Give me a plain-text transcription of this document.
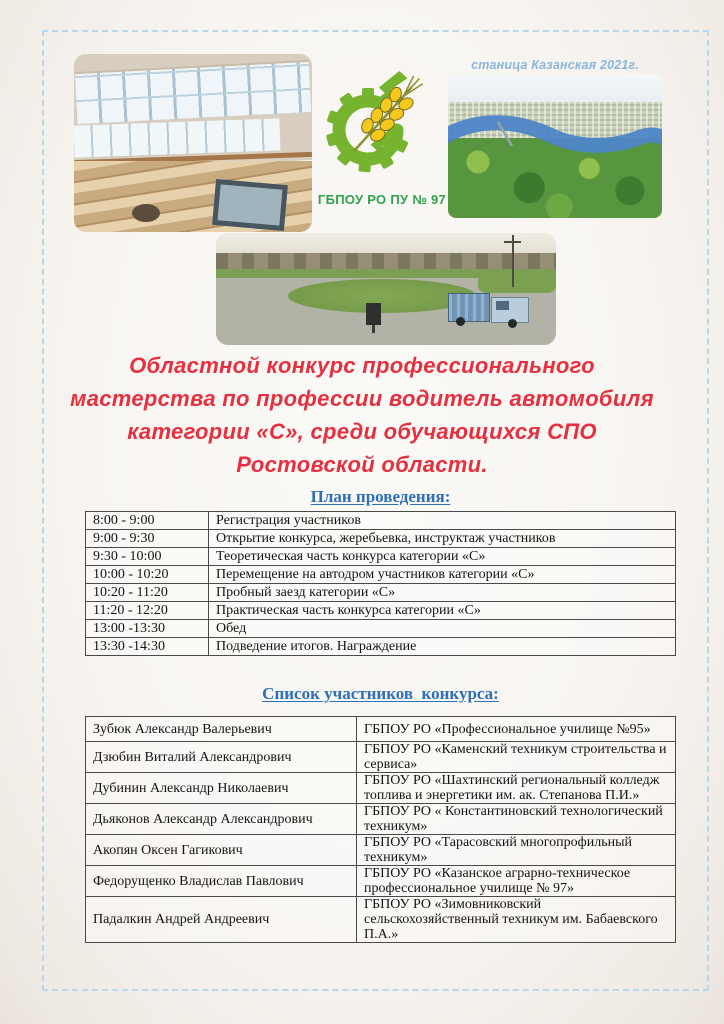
ГБПОУ РО ПУ № 97
станица Казанская 2021г.
Областной конкурс профессионального
мастерства по профессии водитель автомобиля
категории «С», среди обучающихся СПО
Ростовской области.
План проведения:
8:00 - 9:00	Регистрация участников
9:00 - 9:30	Открытие конкурса, жеребьевка, инструктаж участников
9:30 - 10:00	Теоретическая часть конкурса категории «С»
10:00 - 10:20	Перемещение на автодром участников категории «С»
10:20 - 11:20	Пробный заезд категории «С»
11:20 - 12:20	Практическая часть конкурса категории «С»
13:00 -13:30	Обед
13:30 -14:30	Подведение итогов. Награждение
Список участников  конкурса:
Зубюк Александр Валерьевич	ГБПОУ РО «Профессиональное училище №95»
Дзюбин Виталий Александрович	ГБПОУ РО «Каменский техникум строительства и сервиса»
Дубинин Александр Николаевич	ГБПОУ РО «Шахтинский региональный колледж топлива и энергетики им. ак. Степанова П.И.»
Дьяконов Александр Александрович	ГБПОУ РО « Константиновский технологический техникум»
Акопян Оксен Гагикович	ГБПОУ РО «Тарасовский многопрофильный техникум»
Федорущенко Владислав Павлович	ГБПОУ РО «Казанское аграрно-техническое профессиональное училище № 97»
Падалкин Андрей Андреевич	ГБПОУ РО «Зимовниковский сельскохозяйственный техникум им. Бабаевского П.А.»
